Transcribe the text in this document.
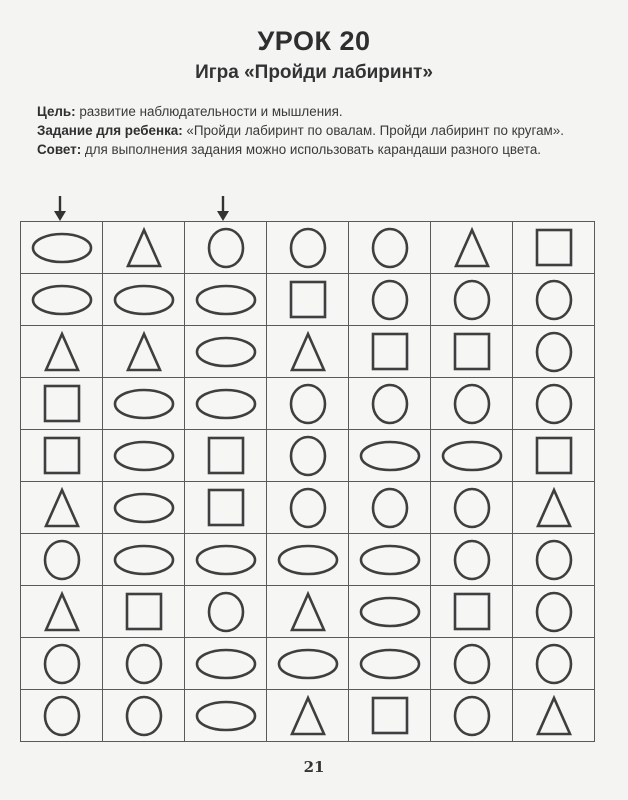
УРОК 20
Игра «Пройди лабиринт»

Цель: развитие наблюдательности и мышления.

Задание для ребенка: «Пройди лабиринт по овалам. Пройди лабиринт по кругам».

Совет: для выполнения задания можно использовать карандаши разного цвета.

21
